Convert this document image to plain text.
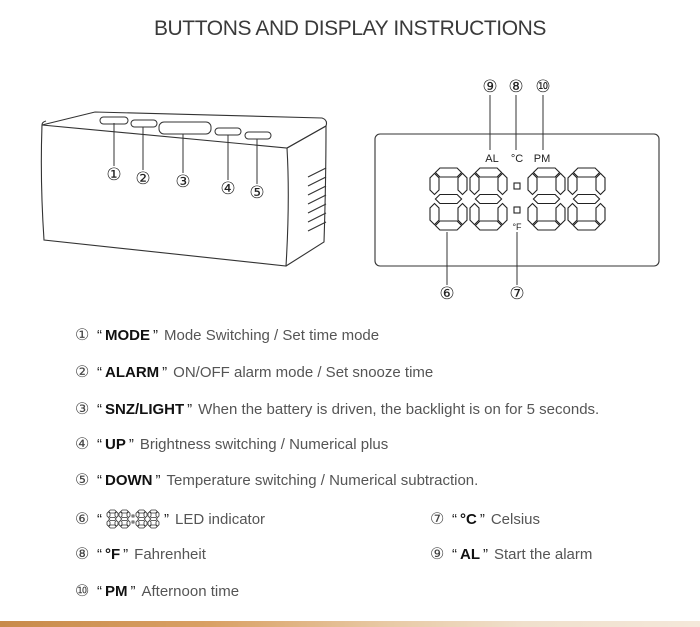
BUTTONS AND DISPLAY INSTRUCTIONS
① ② ③ ④ ⑤
⑨ ⑧ ⑩
AL °C PM
°F
⑥	⑦
① “ MODE ” Mode Switching / Set time mode
② “ ALARM ” ON/OFF alarm mode / Set snooze time
③ “ SNZ/LIGHT ” When the battery is driven, the backlight is on for 5 seconds.
④ “ UP ” Brightness switching / Numerical plus
⑤ “ DOWN ” Temperature switching / Numerical subtraction.
⑥ “	” LED indicator	⑦ “ °C ” Celsius
⑧ “ °F ” Fahrenheit	⑨ “ AL ” Start the alarm
⑩ “ PM ” Afternoon time
